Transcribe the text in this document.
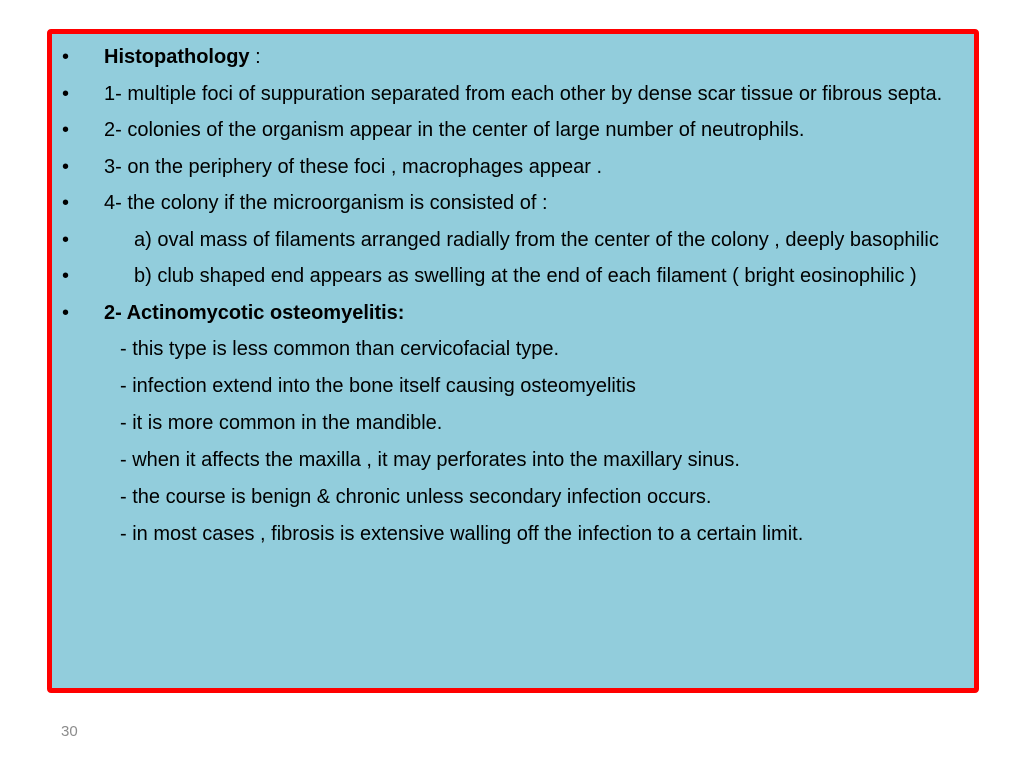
•	Histopathology :
•	1- multiple foci of suppuration separated from each other by dense scar tissue or fibrous septa.
•	2- colonies of the organism appear in the center of large number of neutrophils.
•	3- on the periphery of these foci , macrophages appear .
•	4- the colony if the microorganism is consisted of :
•	a) oval mass of filaments arranged radially from the center of the colony , deeply basophilic
•	b) club shaped end appears as swelling at the end of each filament ( bright eosinophilic )
•	2- Actinomycotic osteomyelitis:
- this type is less common than cervicofacial type.
- infection extend into the bone itself causing osteomyelitis
- it is more common in the mandible.
- when it affects the maxilla , it may perforates into the maxillary sinus.
- the course is benign & chronic unless secondary infection occurs.
- in most cases , fibrosis is extensive walling off the infection to a certain limit.
30
